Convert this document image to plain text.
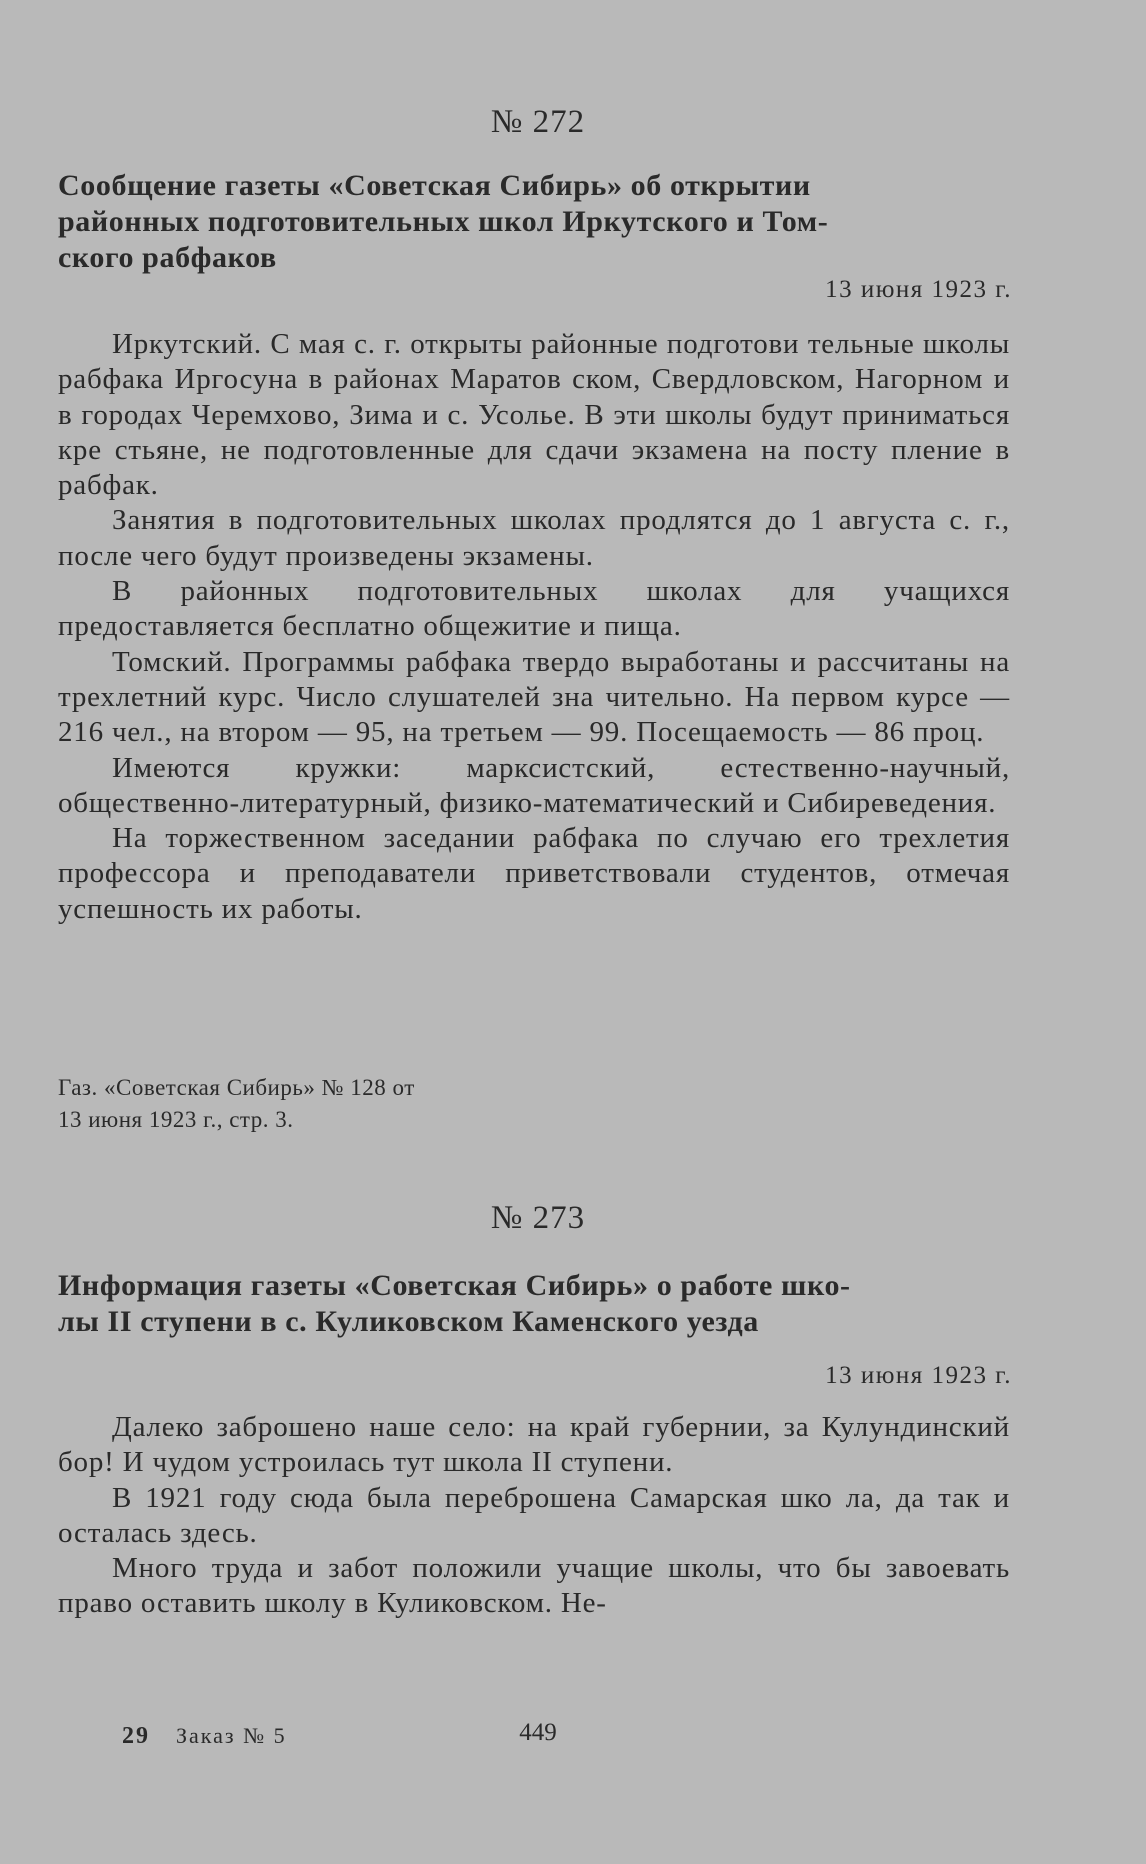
№ 272
Сообщение газеты «Советская Сибирь» об открытии
районных подготовительных школ Иркутского и Том-
ского рабфаков
13 июня 1923 г.

Иркутский. С мая с. г. открыты районные подготови тельные школы рабфака Иргосуна в районах Маратов ском, Свердловском, Нагорном и в городах Черемхово, Зима и с. Усолье. В эти школы будут приниматься кре стьяне, не подготовленные для сдачи экзамена на посту пление в рабфак.

Занятия в подготовительных школах продлятся до 1 августа с. г., после чего будут произведены экзамены.

В районных подготовительных школах для учащихся предоставляется бесплатно общежитие и пища.

Томский. Программы рабфака твердо выработаны и рассчитаны на трехлетний курс. Число слушателей зна чительно. На первом курсе — 216 чел., на втором — 95, на третьем — 99. Посещаемость — 86 проц.

Имеются кружки: марксистский, естественно-научный, общественно-литературный, физико-математический и Сибиреведения.

На торжественном заседании рабфака по случаю его трехлетия профессора и преподаватели приветствовали студентов, отмечая успешность их работы.

Газ. «Советская Сибирь» № 128 от
13 июня 1923 г., стр. 3.
№ 273
Информация газеты «Советская Сибирь» о работе шко-
лы II ступени в с. Куликовском Каменского уезда
13 июня 1923 г.

Далеко заброшено наше село: на край губернии, за Кулундинский бор! И чудом устроилась тут школа II ступени.

В 1921 году сюда была переброшена Самарская шко ла, да так и осталась здесь.

Много труда и забот положили учащие школы, что бы завоевать право оставить школу в Куликовском. Не-

29 Заказ № 5	449
